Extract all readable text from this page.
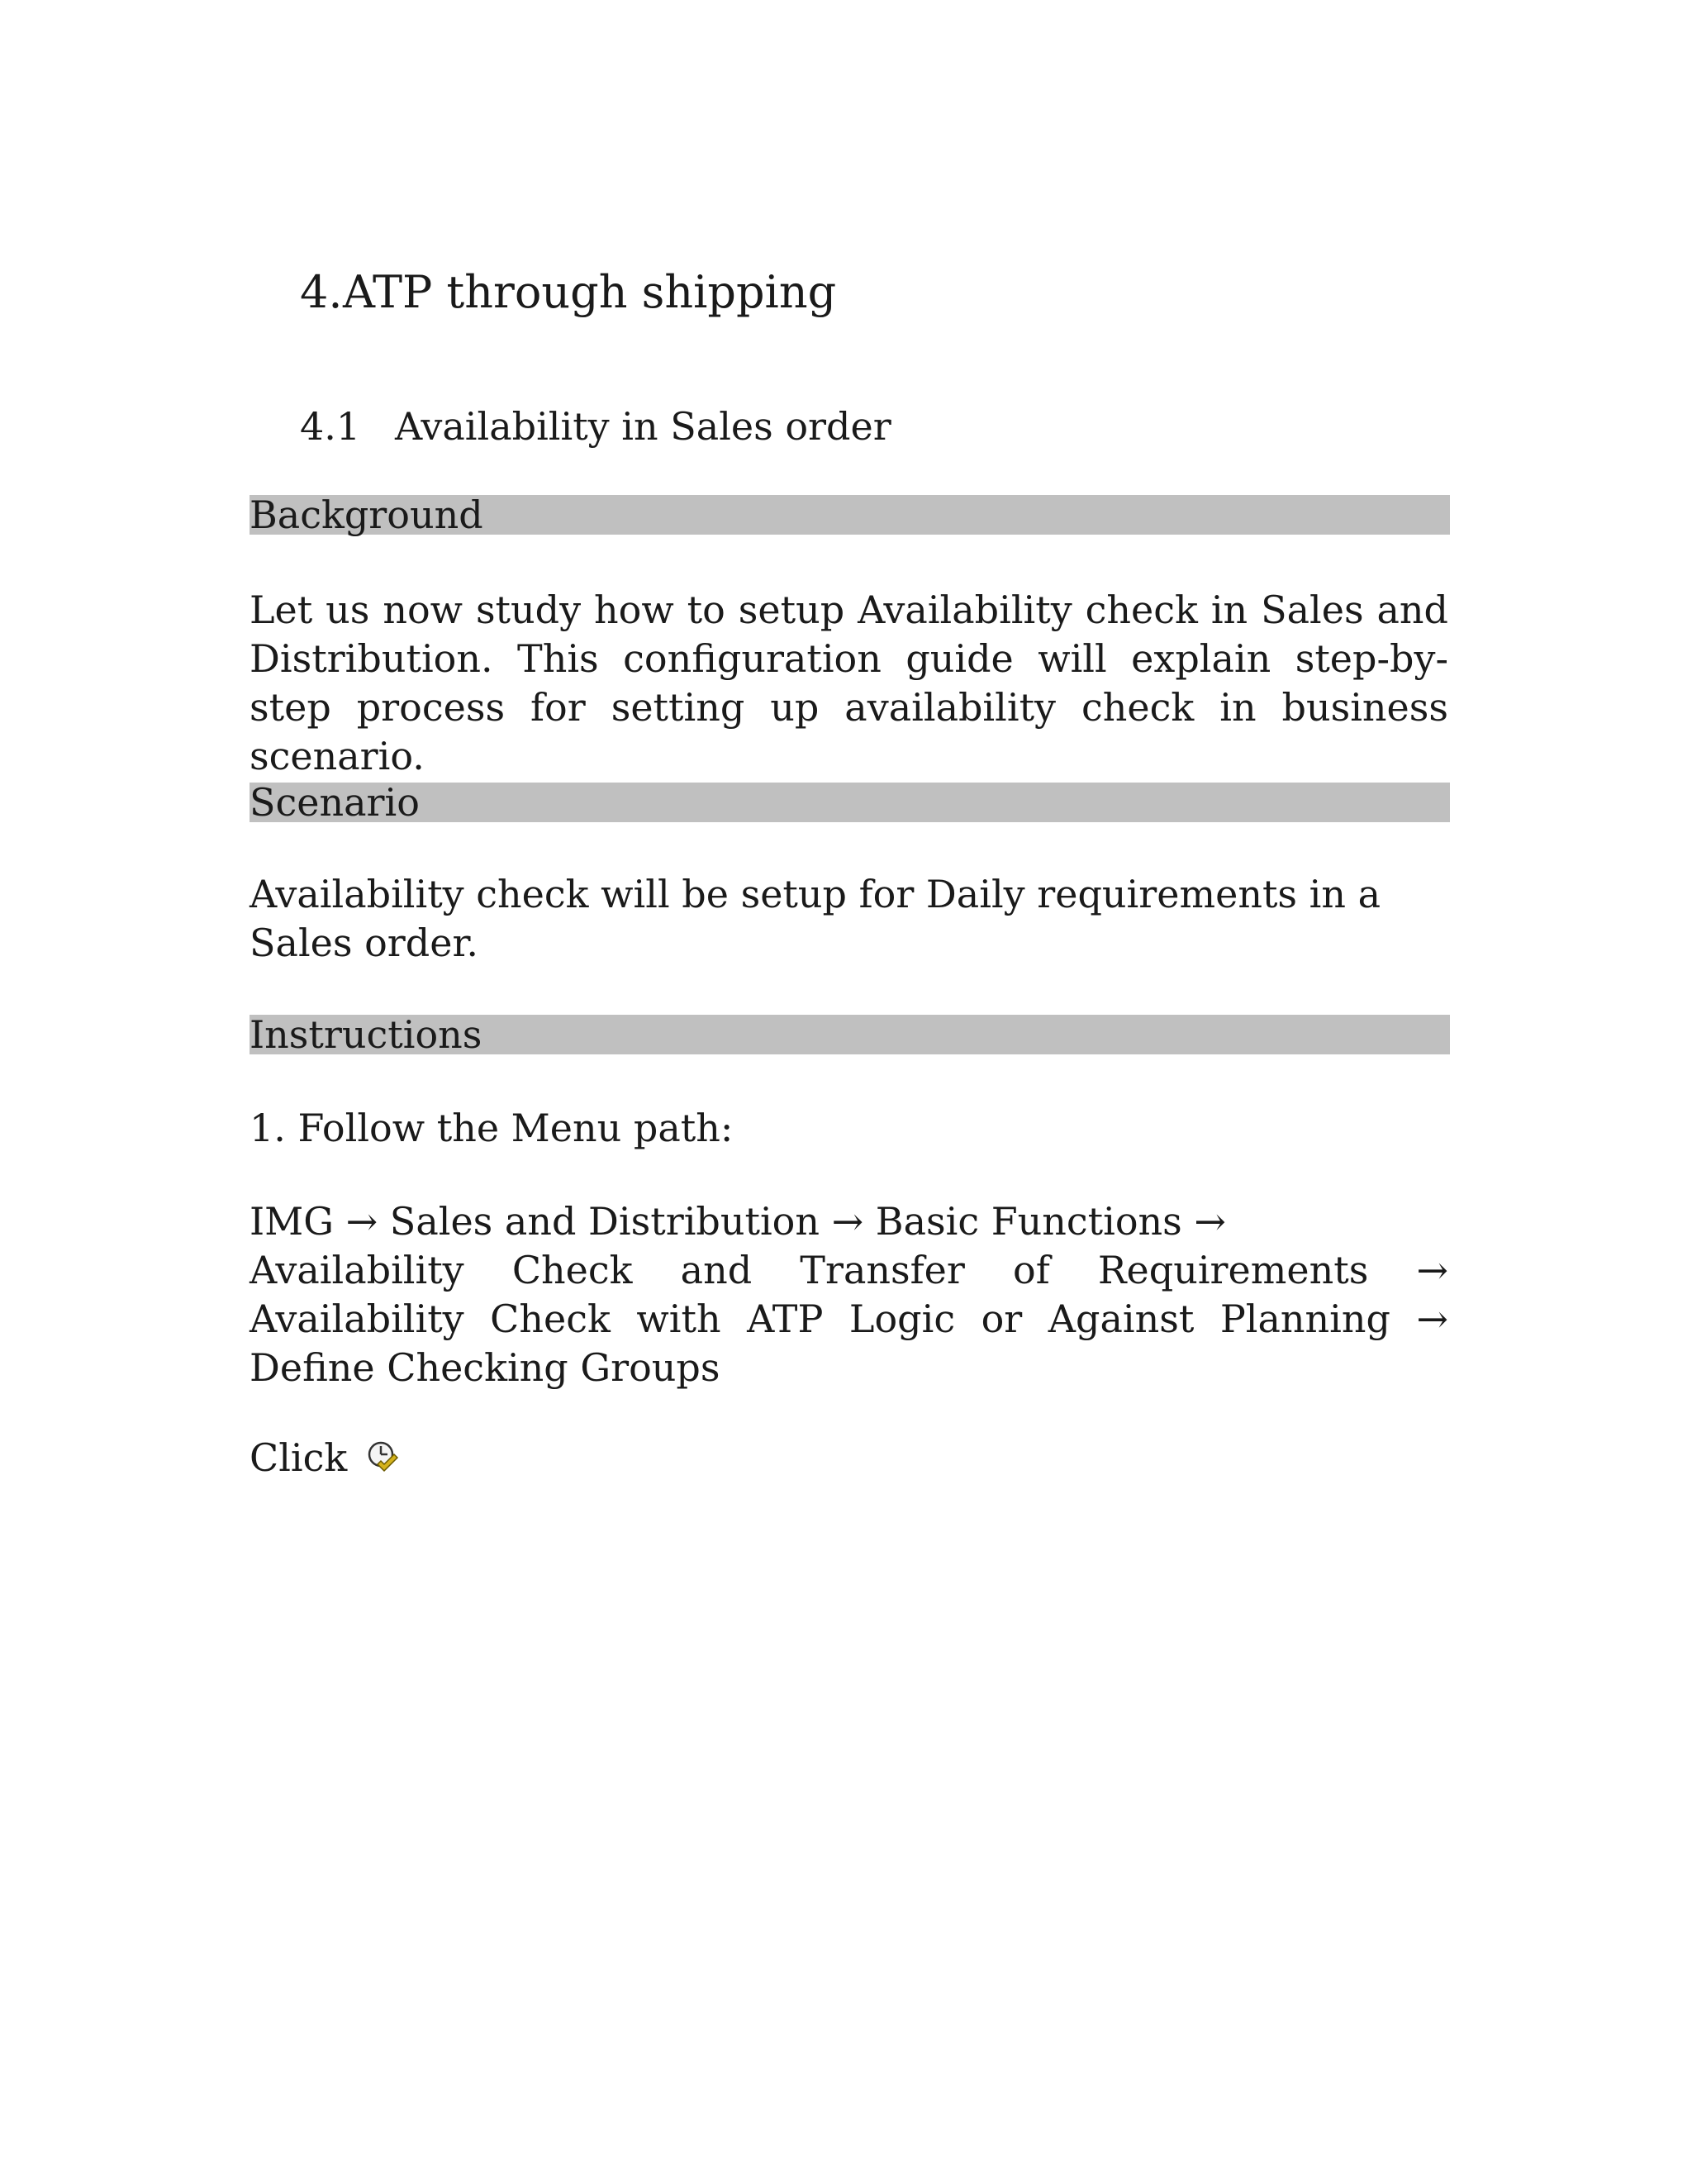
4.ATP through shipping
4.1 Availability in Sales order
Background

Let us now study how to setup Availability check in Sales and Distribution. This configuration guide will explain step-by-step process for setting up availability check in business scenario.

Scenario
Availability check will be setup for Daily requirements in a
Sales order.
Instructions

1. Follow the Menu path:

IMG → Sales and Distribution → Basic Functions →
Availability Check and Transfer of Requirements → Availability Check with ATP Logic or Against Planning → Define Checking Groups
Click
